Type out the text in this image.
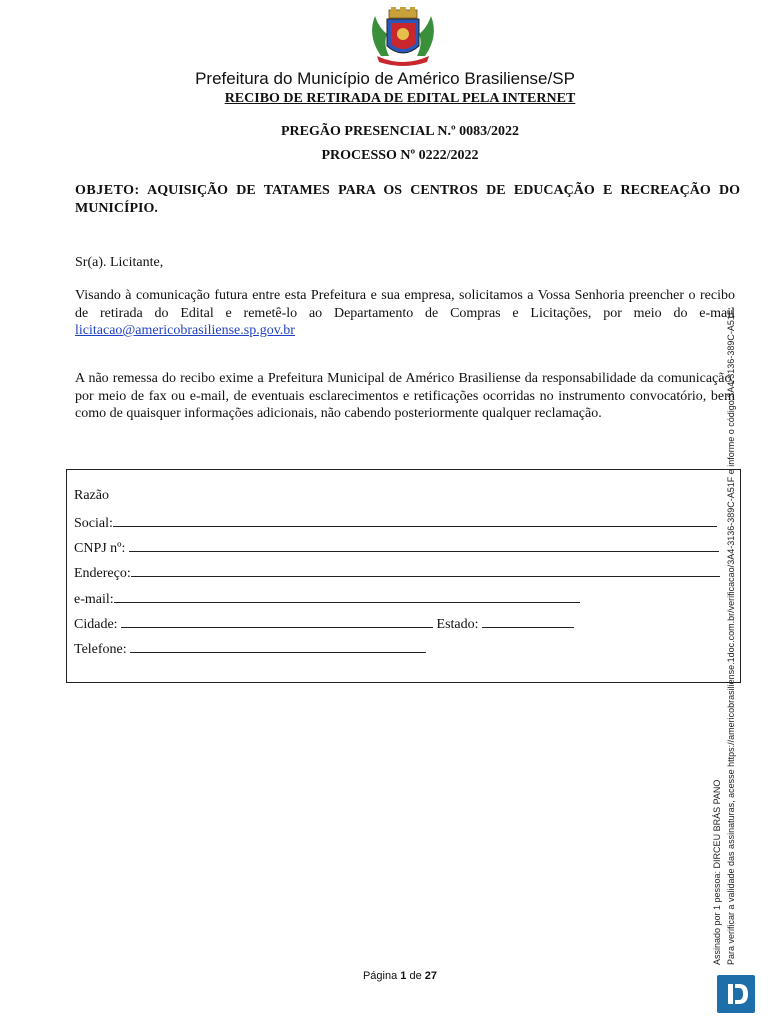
Prefeitura do Município de Américo Brasiliense/SP
RECIBO DE RETIRADA DE EDITAL PELA INTERNET
PREGÃO PRESENCIAL N.º 0083/2022
PROCESSO Nº 0222/2022
OBJETO: AQUISIÇÃO DE TATAMES PARA OS CENTROS DE EDUCAÇÃO E RECREAÇÃO DO MUNICÍPIO.
Sr(a). Licitante,
Visando à comunicação futura entre esta Prefeitura e sua empresa, solicitamos a Vossa Senhoria preencher o recibo de retirada do Edital e remetê-lo ao Departamento de Compras e Licitações, por meio do e-mail licitacao@americobrasiliense.sp.gov.br
A não remessa do recibo exime a Prefeitura Municipal de Américo Brasiliense da responsabilidade da comunicação, por meio de fax ou e-mail, de eventuais esclarecimentos e retificações ocorridas no instrumento convocatório, bem como de quaisquer informações adicionais, não cabendo posteriormente qualquer reclamação.
Razão
Social:
CNPJ nº:
Endereço:
e-mail:
Cidade:	Estado:
Telefone:
Assinado por 1 pessoa: DIRCEU BRÁS PANO Para verificar a validade das assinaturas, acesse https://americobrasiliense.1doc.com.br/verificacao/3A4-3136-389C-A51F e informe o código 3A4-3136-389C-A51F
Página 1 de 27
